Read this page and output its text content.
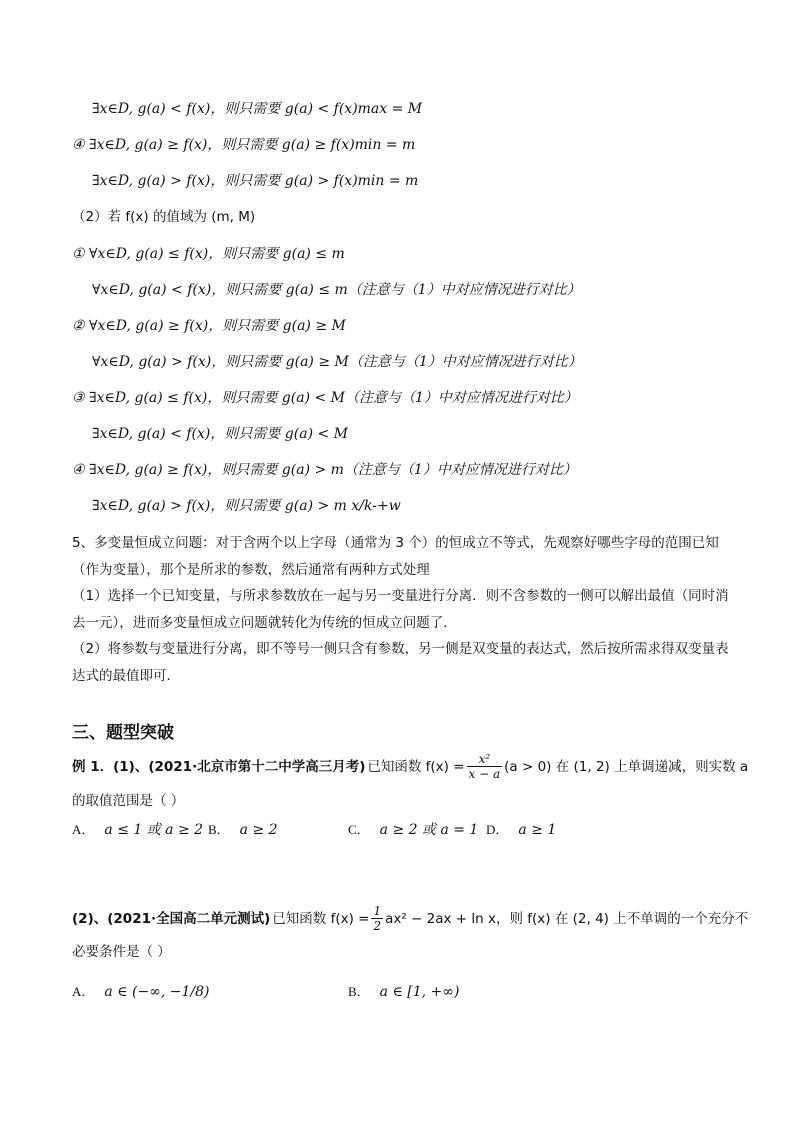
∃x∈D, g(a) < f(x)，则只需要 g(a) < f(x)max = M
④ ∃x∈D, g(a) ≥ f(x)，则只需要 g(a) ≥ f(x)min = m
∃x∈D, g(a) > f(x)，则只需要 g(a) > f(x)min = m
（2）若 f(x) 的值域为 (m, M)
① ∀x∈D, g(a) ≤ f(x)，则只需要 g(a) ≤ m
∀x∈D, g(a) < f(x)，则只需要 g(a) ≤ m（注意与（1）中对应情况进行对比）
② ∀x∈D, g(a) ≥ f(x)，则只需要 g(a) ≥ M
∀x∈D, g(a) > f(x)，则只需要 g(a) ≥ M（注意与（1）中对应情况进行对比）
③ ∃x∈D, g(a) ≤ f(x)，则只需要 g(a) < M（注意与（1）中对应情况进行对比）
∃x∈D, g(a) < f(x)，则只需要 g(a) < M
④ ∃x∈D, g(a) ≥ f(x)，则只需要 g(a) > m（注意与（1）中对应情况进行对比）
∃x∈D, g(a) > f(x)，则只需要 g(a) > m x/k-+w
5、多变量恒成立问题：对于含两个以上字母（通常为 3 个）的恒成立不等式，先观察好哪些字母的范围已知（作为变量），那个是所求的参数，然后通常有两种方式处理
（1）选择一个已知变量，与所求参数放在一起与另一变量进行分离．则不含参数的一侧可以解出最值（同时消去一元），进而多变量恒成立问题就转化为传统的恒成立问题了．
（2）将参数与变量进行分离，即不等号一侧只含有参数，另一侧是双变量的表达式，然后按所需求得双变量表达式的最值即可．
三、题型突破
例 1．(1)、(2021·北京市第十二中学高三月考) 已知函数 $f(x) = \frac{\text{x²}}{x - a} (a > 0)$ 在 (1, 2) 上单调递减，则实数 a
的取值范围是（ ）
A． a ≤ 1 或 a ≥ 2 B． a ≥ 2	C． a ≥ 2 或 a = 1 D． a ≥ 1
(2)、(2021·全国高二单元测试) 已知函数 $f(x) = \frac{1}{2} ax^2 - 2ax + \ln x$，则 f(x) 在 (2, 4) 上不单调的一个充分不
必要条件是（ ）
A． a ∈ (−∞, −1/8)	B． a ∈ [1, +∞)
